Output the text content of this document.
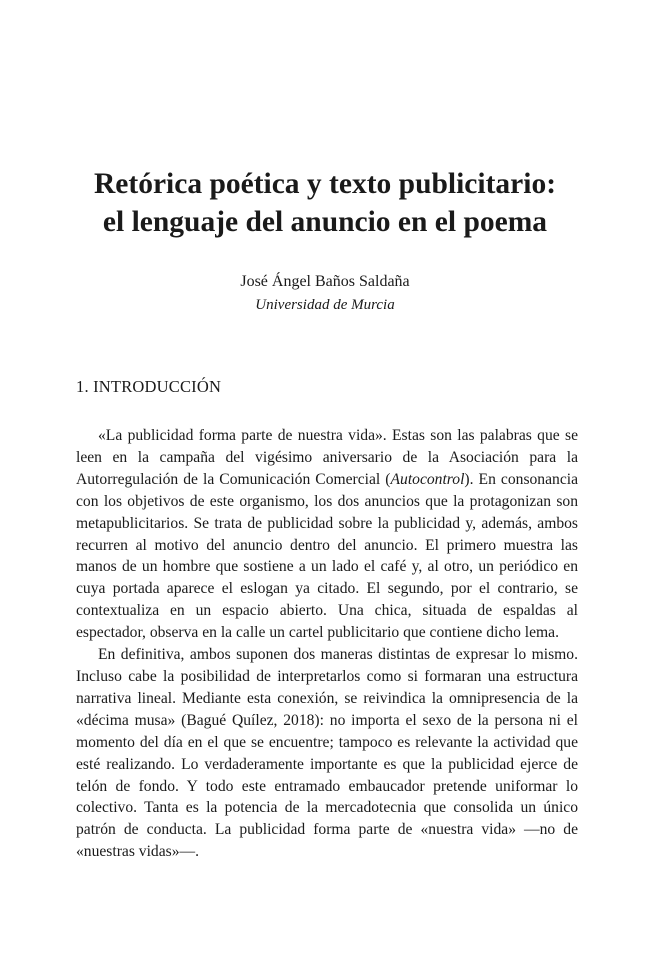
Retórica poética y texto publicitario:
el lenguaje del anuncio en el poema
José Ángel Baños Saldaña
Universidad de Murcia
1. INTRODUCCIÓN

«La publicidad forma parte de nuestra vida». Estas son las palabras que se leen en la campaña del vigésimo aniversario de la Asociación para la Autorregulación de la Comunicación Comercial (Autocontrol). En consonancia con los objetivos de este organismo, los dos anuncios que la protagonizan son metapublicitarios. Se trata de publicidad sobre la publicidad y, además, ambos recurren al motivo del anuncio dentro del anuncio. El primero muestra las manos de un hombre que sostiene a un lado el café y, al otro, un periódico en cuya portada aparece el eslogan ya citado. El segundo, por el contrario, se contextualiza en un espacio abierto. Una chica, situada de espaldas al espectador, observa en la calle un cartel publicitario que contiene dicho lema.

En definitiva, ambos suponen dos maneras distintas de expresar lo mismo. Incluso cabe la posibilidad de interpretarlos como si formaran una estructura narrativa lineal. Mediante esta conexión, se reivindica la omnipresencia de la «décima musa» (Bagué Quílez, 2018): no importa el sexo de la persona ni el momento del día en el que se encuentre; tampoco es relevante la actividad que esté realizando. Lo verdaderamente importante es que la publicidad ejerce de telón de fondo. Y todo este entramado embaucador pretende uniformar lo colectivo. Tanta es la potencia de la mercadotecnia que consolida un único patrón de conducta. La publicidad forma parte de «nuestra vida» —no de «nuestras vidas»—.
